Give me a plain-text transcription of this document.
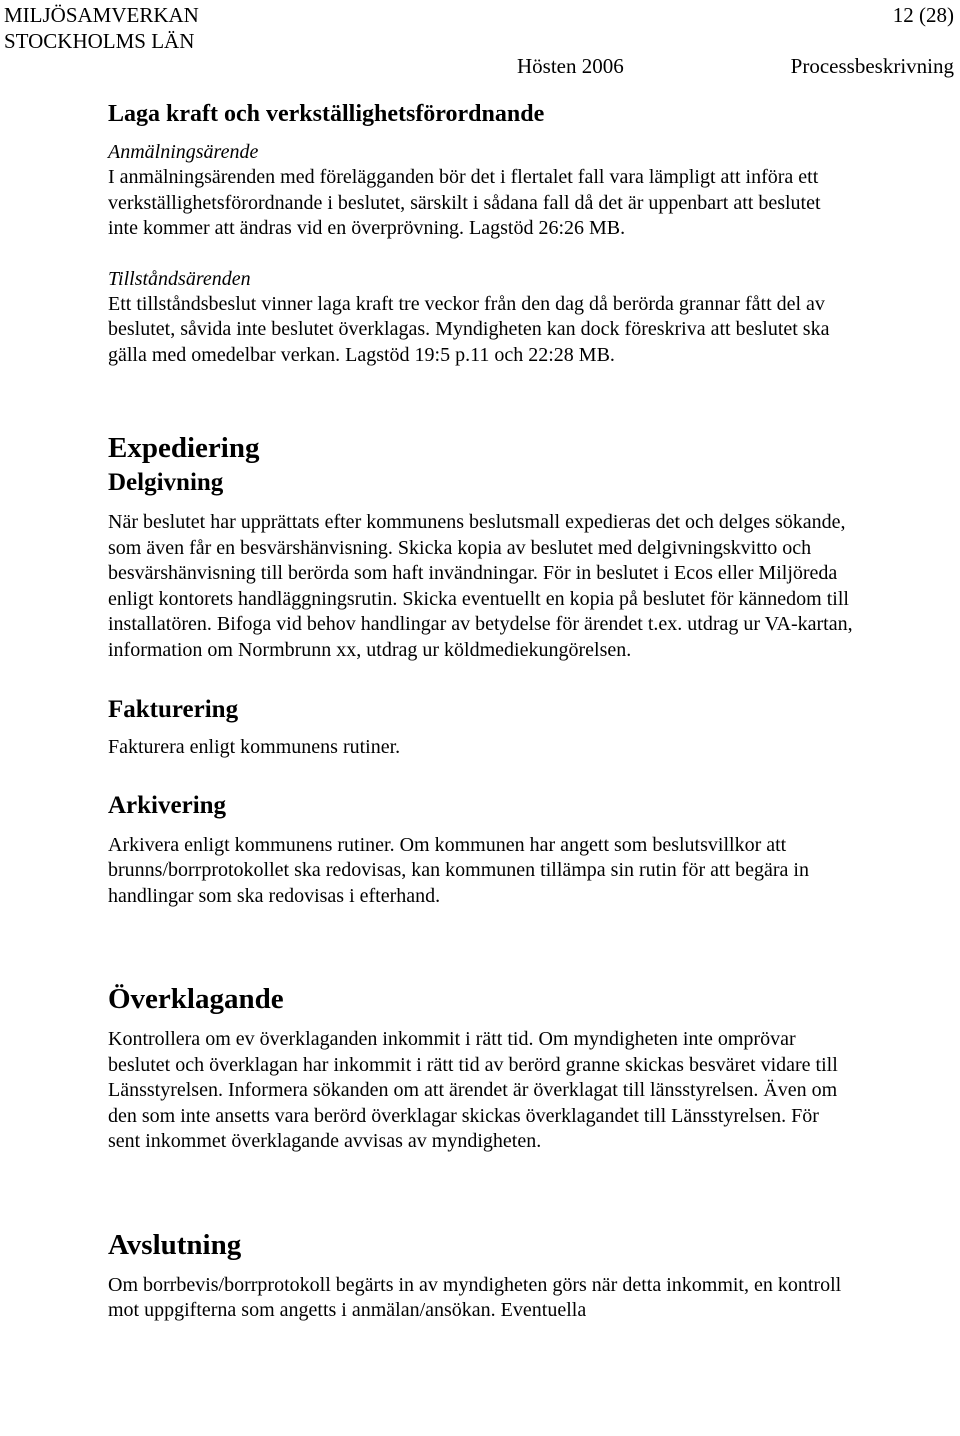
MILJÖSAMVERKAN
STOCKHOLMS LÄN
12 (28)
Hösten 2006	Processbeskrivning
Laga kraft och verkställighetsförordnande
Anmälningsärende

I anmälningsärenden med förelägganden bör det i flertalet fall vara lämpligt att införa ett verkställighetsförordnande i beslutet, särskilt i sådana fall då det är uppenbart att beslutet inte kommer att ändras vid en överprövning. Lagstöd 26:26 MB.

Tillståndsärenden

Ett tillståndsbeslut vinner laga kraft tre veckor från den dag då berörda grannar fått del av beslutet, såvida inte beslutet överklagas. Myndigheten kan dock föreskriva att beslutet ska gälla med omedelbar verkan. Lagstöd 19:5 p.11 och 22:28 MB.

Expediering
Delgivning

När beslutet har upprättats efter kommunens beslutsmall expedieras det och delges sökande, som även får en besvärshänvisning. Skicka kopia av beslutet med delgivningskvitto och besvärshänvisning till berörda som haft invändningar. För in beslutet i Ecos eller Miljöreda enligt kontorets handläggningsrutin. Skicka eventuellt en kopia på beslutet för kännedom till installatören. Bifoga vid behov handlingar av betydelse för ärendet t.ex. utdrag ur VA-kartan, information om Normbrunn xx, utdrag ur köldmediekungörelsen.

Fakturering

Fakturera enligt kommunens rutiner.

Arkivering

Arkivera enligt kommunens rutiner. Om kommunen har angett som beslutsvillkor att brunns/borrprotokollet ska redovisas, kan kommunen tillämpa sin rutin för att begära in handlingar som ska redovisas i efterhand.

Överklagande

Kontrollera om ev överklaganden inkommit i rätt tid. Om myndigheten inte omprövar beslutet och överklagan har inkommit i rätt tid av berörd granne skickas besväret vidare till Länsstyrelsen. Informera sökanden om att ärendet är överklagat till länsstyrelsen. Även om den som inte ansetts vara berörd överklagar skickas överklagandet till Länsstyrelsen. För sent inkommet överklagande avvisas av myndigheten.

Avslutning

Om borrbevis/borrprotokoll begärts in av myndigheten görs när detta inkommit, en kontroll mot uppgifterna som angetts i anmälan/ansökan. Eventuella
